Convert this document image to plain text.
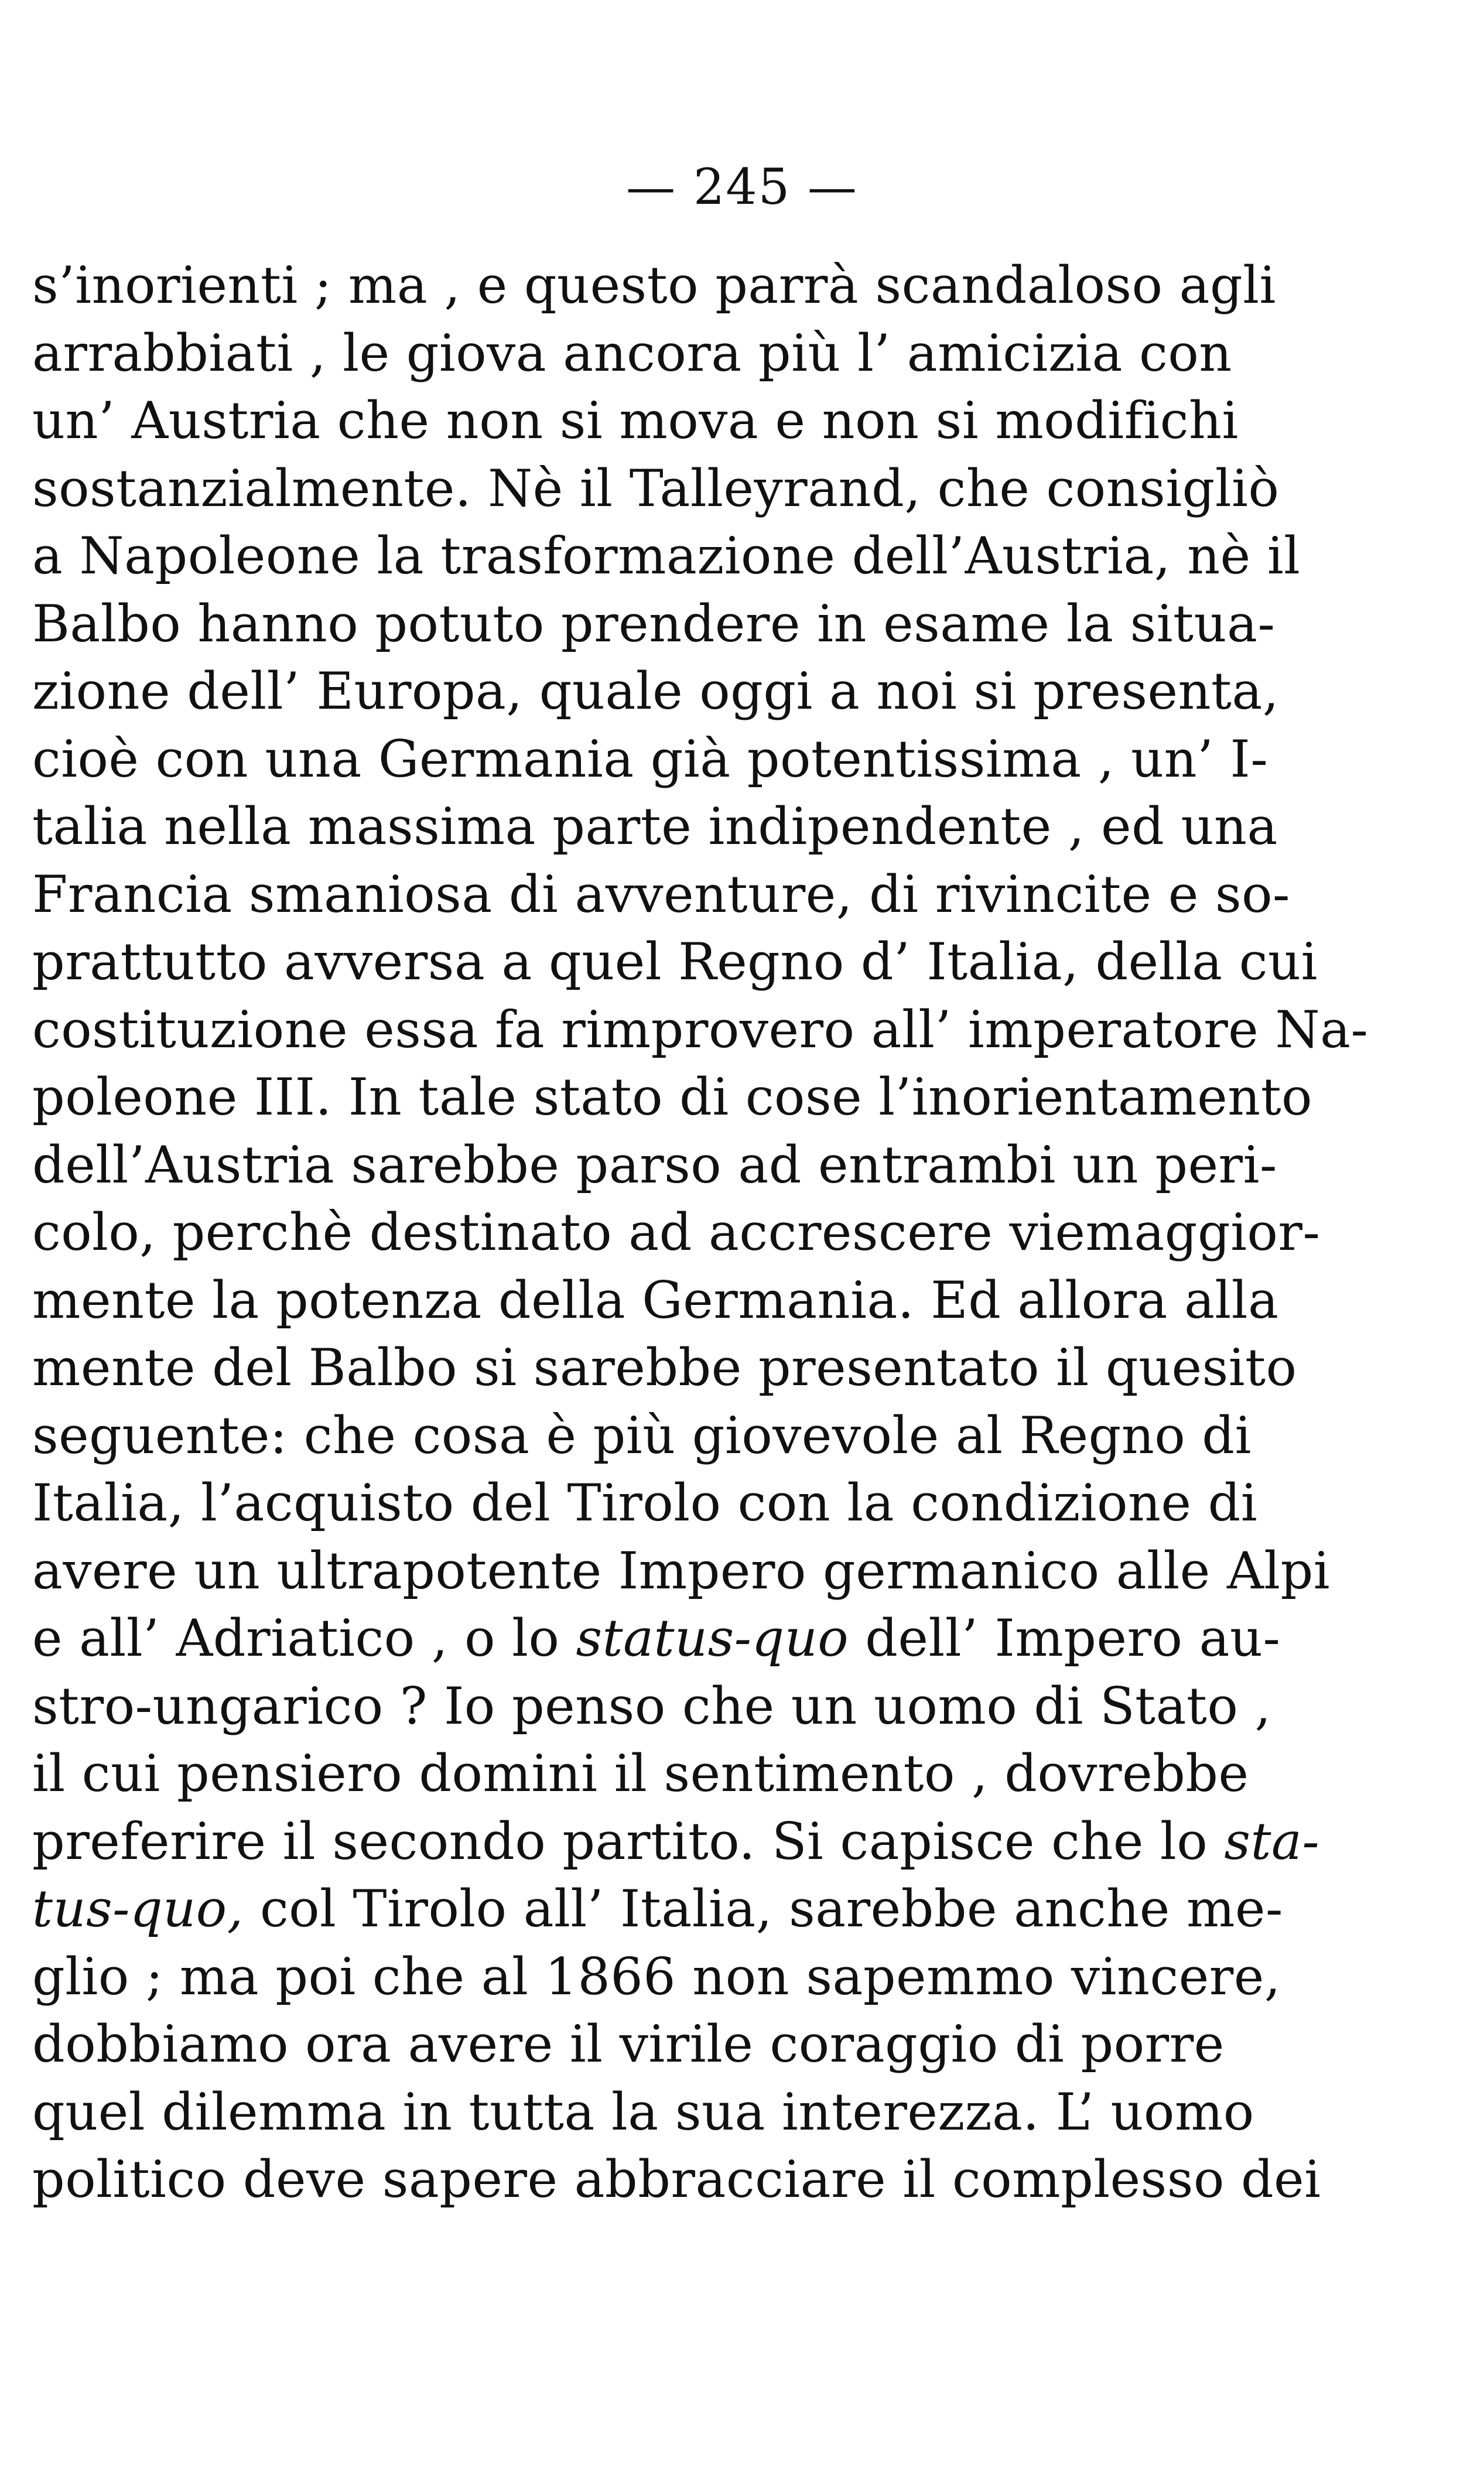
— 245 —
s’inorienti ; ma , e questo parrà scandaloso agli
arrabbiati , le giova ancora più l’ amicizia con
un’ Austria che non si mova e non si modifichi
sostanzialmente. Nè il Talleyrand, che consigliò
a Napoleone la trasformazione dell’Austria, nè il
Balbo hanno potuto prendere in esame la situa-
zione dell’ Europa, quale oggi a noi si presenta,
cioè con una Germania già potentissima , un’ I-
talia nella massima parte indipendente , ed una
Francia smaniosa di avventure, di rivincite e so-
prattutto avversa a quel Regno d’ Italia, della cui
costituzione essa fa rimprovero all’ imperatore Na-
poleone III. In tale stato di cose l’inorientamento
dell’Austria sarebbe parso ad entrambi un peri-
colo, perchè destinato ad accrescere viemaggior-
mente la potenza della Germania. Ed allora alla
mente del Balbo si sarebbe presentato il quesito
seguente: che cosa è più giovevole al Regno di
Italia, l’acquisto del Tirolo con la condizione di
avere un ultrapotente Impero germanico alle Alpi
e all’ Adriatico , o lo status-quo dell’ Impero au-
stro-ungarico ? Io penso che un uomo di Stato ,
il cui pensiero domini il sentimento , dovrebbe
preferire il secondo partito. Si capisce che lo sta-
tus-quo, col Tirolo all’ Italia, sarebbe anche me-
glio ; ma poi che al 1866 non sapemmo vincere,
dobbiamo ora avere il virile coraggio di porre
quel dilemma in tutta la sua interezza. L’ uomo
politico deve sapere abbracciare il complesso dei
